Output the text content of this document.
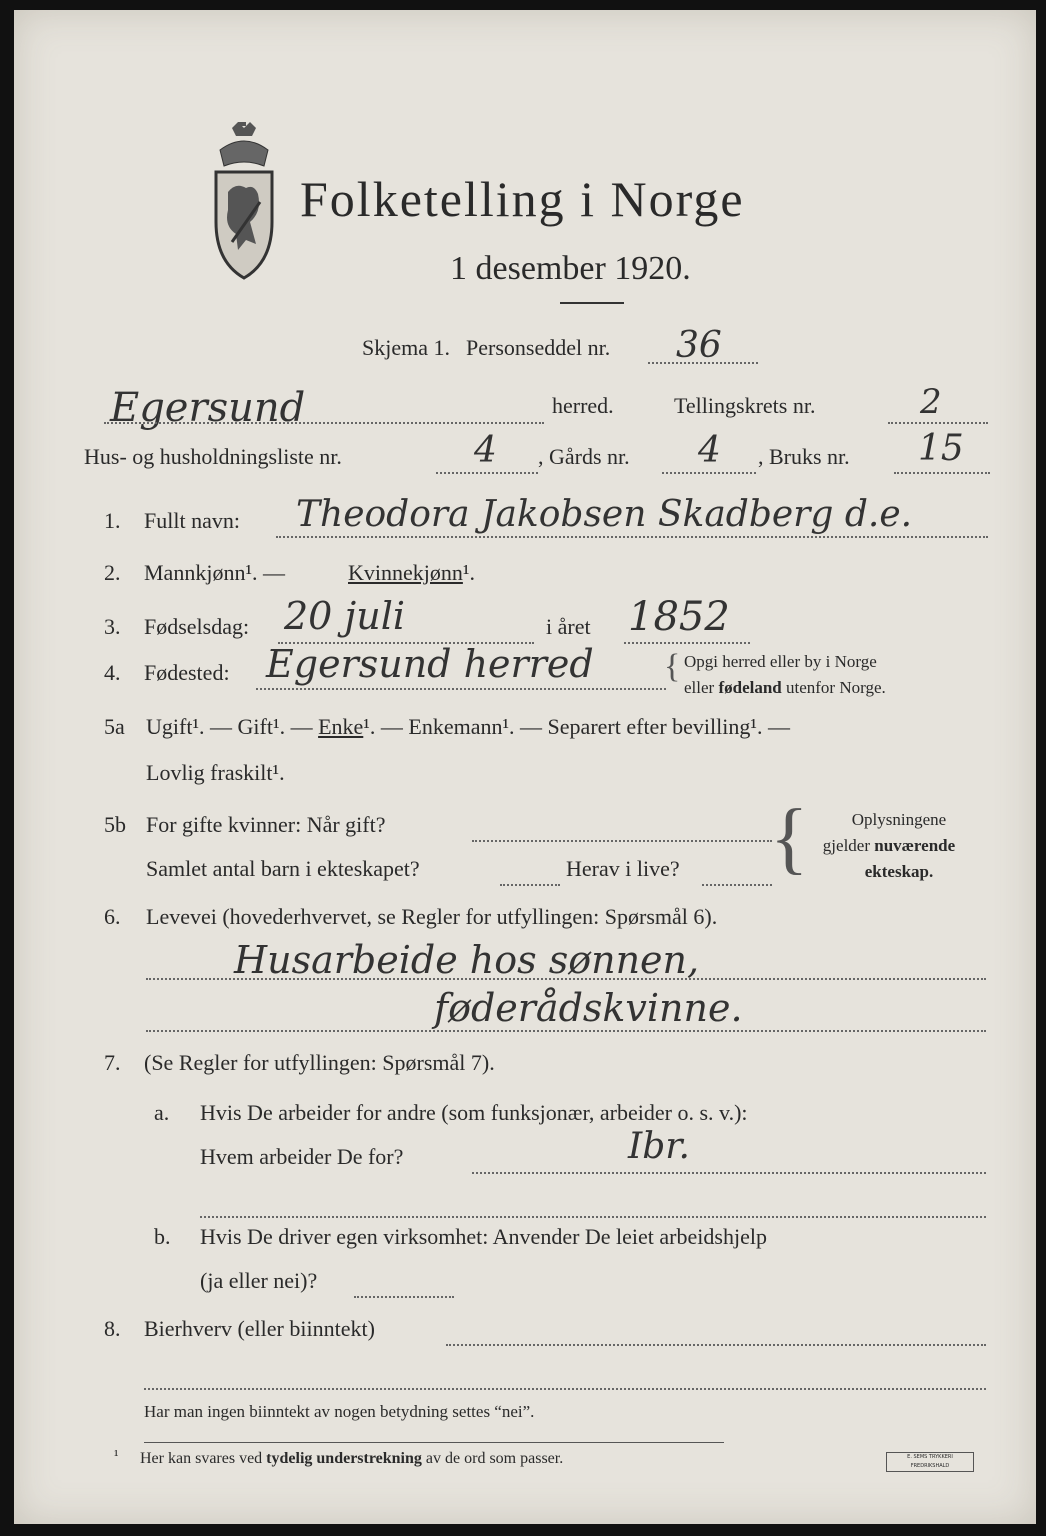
Folketelling i Norge
1 desember 1920.
Skjema 1. Personseddel nr. 36
Egersund	herred.	Tellingskrets nr.	2
Hus- og husholdningsliste nr.	4 , Gårds nr. 4 , Bruks nr. 15
1. Fullt navn: Theodora Jakobsen Skadberg d.e.
2. Mannkjønn¹. —	Kvinnekjønn¹.
3. Fødselsdag: 20 juli	i året 1852
4. Fødested: Egersund herred { Opgi herred eller by i Norge
eller fødeland utenfor Norge.
5a Ugift¹. — Gift¹. — Enke¹. — Enkemann¹. — Separert efter bevilling¹. —
Lovlig fraskilt¹.
5b For gifte kvinner: Når gift?
Samlet antal barn i ekteskapet?	Herav i live? {	Oplysningene
gjelder nuværende
ekteskap.
6. Levevei (hovederhvervet, se Regler for utfyllingen: Spørsmål 6).
Husarbeide hos sønnen,
føderådskvinne.
7. (Se Regler for utfyllingen: Spørsmål 7).
a. Hvis De arbeider for andre (som funksjonær, arbeider o. s. v.):
Hvem arbeider De for?	Ibr.
b. Hvis De driver egen virksomhet: Anvender De leiet arbeidshjelp
(ja eller nei)?
8. Bierhverv (eller biinntekt)
Har man ingen biinntekt av nogen betydning settes “nei”.
¹ Her kan svares ved tydelig understrekning av de ord som passer.	E. SEMS TRYKKERI
FREDRIKSHALD
